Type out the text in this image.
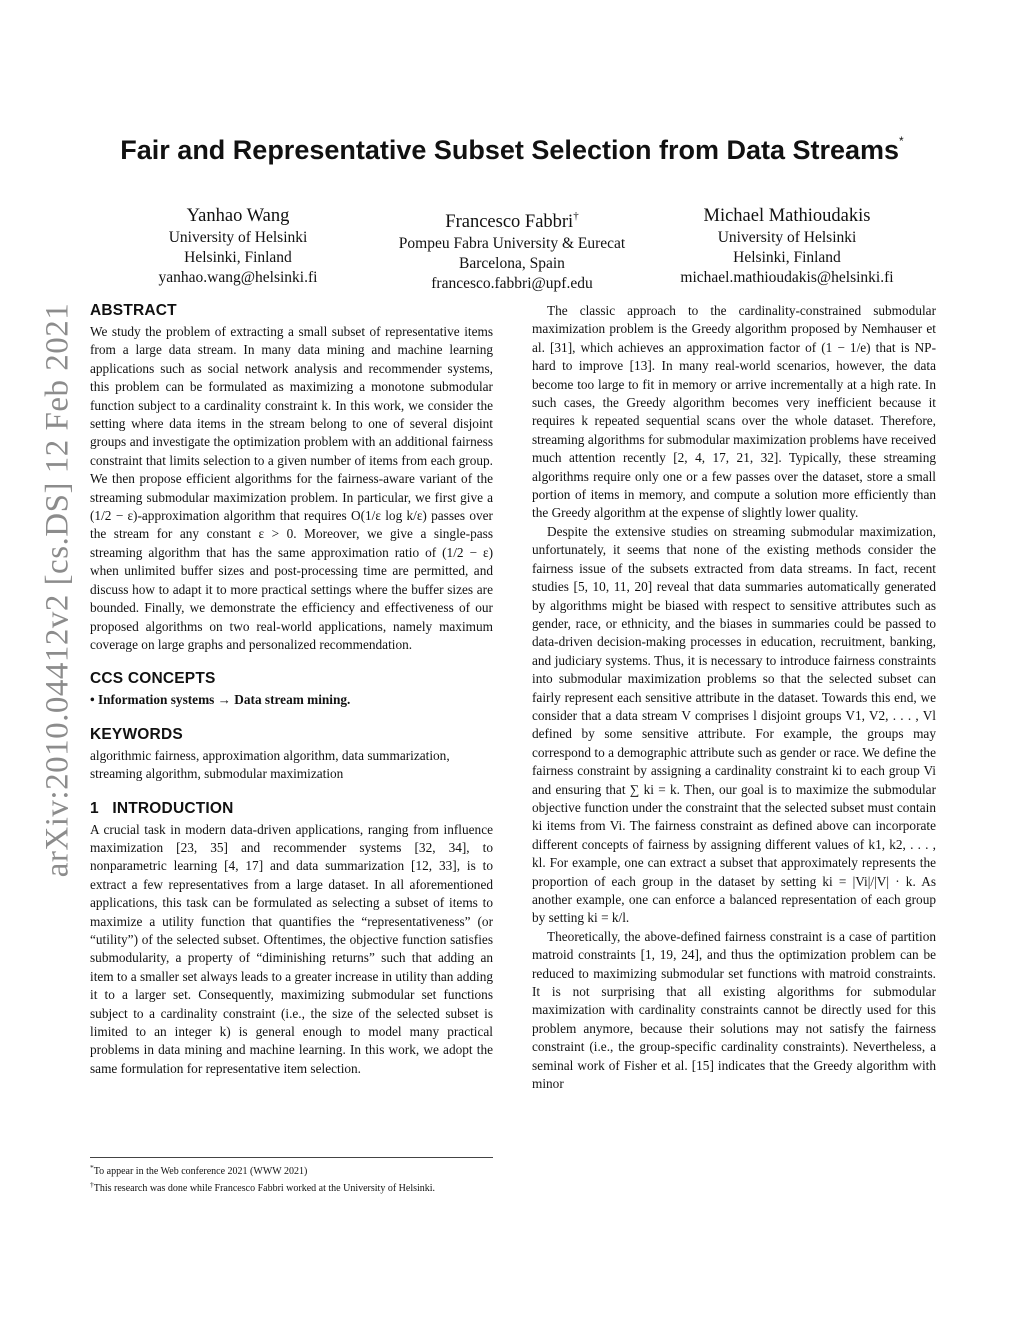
arXiv:2010.04412v2 [cs.DS] 12 Feb 2021
Fair and Representative Subset Selection from Data Streams*
Yanhao Wang
University of Helsinki
Helsinki, Finland
yanhao.wang@helsinki.fi
Francesco Fabbri†
Pompeu Fabra University & Eurecat
Barcelona, Spain
francesco.fabbri@upf.edu
Michael Mathioudakis
University of Helsinki
Helsinki, Finland
michael.mathioudakis@helsinki.fi
ABSTRACT

We study the problem of extracting a small subset of representative items from a large data stream. In many data mining and machine learning applications such as social network analysis and recommender systems, this problem can be formulated as maximizing a monotone submodular function subject to a cardinality constraint k. In this work, we consider the setting where data items in the stream belong to one of several disjoint groups and investigate the optimization problem with an additional fairness constraint that limits selection to a given number of items from each group. We then propose efficient algorithms for the fairness-aware variant of the streaming submodular maximization problem. In particular, we first give a (1/2 − ε)-approximation algorithm that requires O(1/ε log k/ε) passes over the stream for any constant ε > 0. Moreover, we give a single-pass streaming algorithm that has the same approximation ratio of (1/2 − ε) when unlimited buffer sizes and post-processing time are permitted, and discuss how to adapt it to more practical settings where the buffer sizes are bounded. Finally, we demonstrate the efficiency and effectiveness of our proposed algorithms on two real-world applications, namely maximum coverage on large graphs and personalized recommendation.

CCS CONCEPTS

• Information systems → Data stream mining.

KEYWORDS

algorithmic fairness, approximation algorithm, data summarization, streaming algorithm, submodular maximization

1   INTRODUCTION

A crucial task in modern data-driven applications, ranging from influence maximization [23, 35] and recommender systems [32, 34], to nonparametric learning [4, 17] and data summarization [12, 33], is to extract a few representatives from a large dataset. In all aforementioned applications, this task can be formulated as selecting a subset of items to maximize a utility function that quantifies the “representativeness” (or “utility”) of the selected subset. Oftentimes, the objective function satisfies submodularity, a property of “diminishing returns” such that adding an item to a smaller set always leads to a greater increase in utility than adding it to a larger set. Consequently, maximizing submodular set functions subject to a cardinality constraint (i.e., the size of the selected subset is limited to an integer k) is general enough to model many practical problems in data mining and machine learning. In this work, we adopt the same formulation for representative item selection.

The classic approach to the cardinality-constrained submodular maximization problem is the Greedy algorithm proposed by Nemhauser et al. [31], which achieves an approximation factor of (1 − 1/e) that is NP-hard to improve [13]. In many real-world scenarios, however, the data become too large to fit in memory or arrive incrementally at a high rate. In such cases, the Greedy algorithm becomes very inefficient because it requires k repeated sequential scans over the whole dataset. Therefore, streaming algorithms for submodular maximization problems have received much attention recently [2, 4, 17, 21, 32]. Typically, these streaming algorithms require only one or a few passes over the dataset, store a small portion of items in memory, and compute a solution more efficiently than the Greedy algorithm at the expense of slightly lower quality.

Despite the extensive studies on streaming submodular maximization, unfortunately, it seems that none of the existing methods consider the fairness issue of the subsets extracted from data streams. In fact, recent studies [5, 10, 11, 20] reveal that data summaries automatically generated by algorithms might be biased with respect to sensitive attributes such as gender, race, or ethnicity, and the biases in summaries could be passed to data-driven decision-making processes in education, recruitment, banking, and judiciary systems. Thus, it is necessary to introduce fairness constraints into submodular maximization problems so that the selected subset can fairly represent each sensitive attribute in the dataset. Towards this end, we consider that a data stream V comprises l disjoint groups V1, V2, . . . , Vl defined by some sensitive attribute. For example, the groups may correspond to a demographic attribute such as gender or race. We define the fairness constraint by assigning a cardinality constraint ki to each group Vi and ensuring that ∑ ki = k. Then, our goal is to maximize the submodular objective function under the constraint that the selected subset must contain ki items from Vi. The fairness constraint as defined above can incorporate different concepts of fairness by assigning different values of k1, k2, . . . , kl. For example, one can extract a subset that approximately represents the proportion of each group in the dataset by setting ki = |Vi|/|V| · k. As another example, one can enforce a balanced representation of each group by setting ki = k/l.

Theoretically, the above-defined fairness constraint is a case of partition matroid constraints [1, 19, 24], and thus the optimization problem can be reduced to maximizing submodular set functions with matroid constraints. It is not surprising that all existing algorithms for submodular maximization with cardinality constraints cannot be directly used for this problem anymore, because their solutions may not satisfy the fairness constraint (i.e., the group-specific cardinality constraints). Nevertheless, a seminal work of Fisher et al. [15] indicates that the Greedy algorithm with minor

*To appear in the Web conference 2021 (WWW 2021)
†This research was done while Francesco Fabbri worked at the University of Helsinki.
